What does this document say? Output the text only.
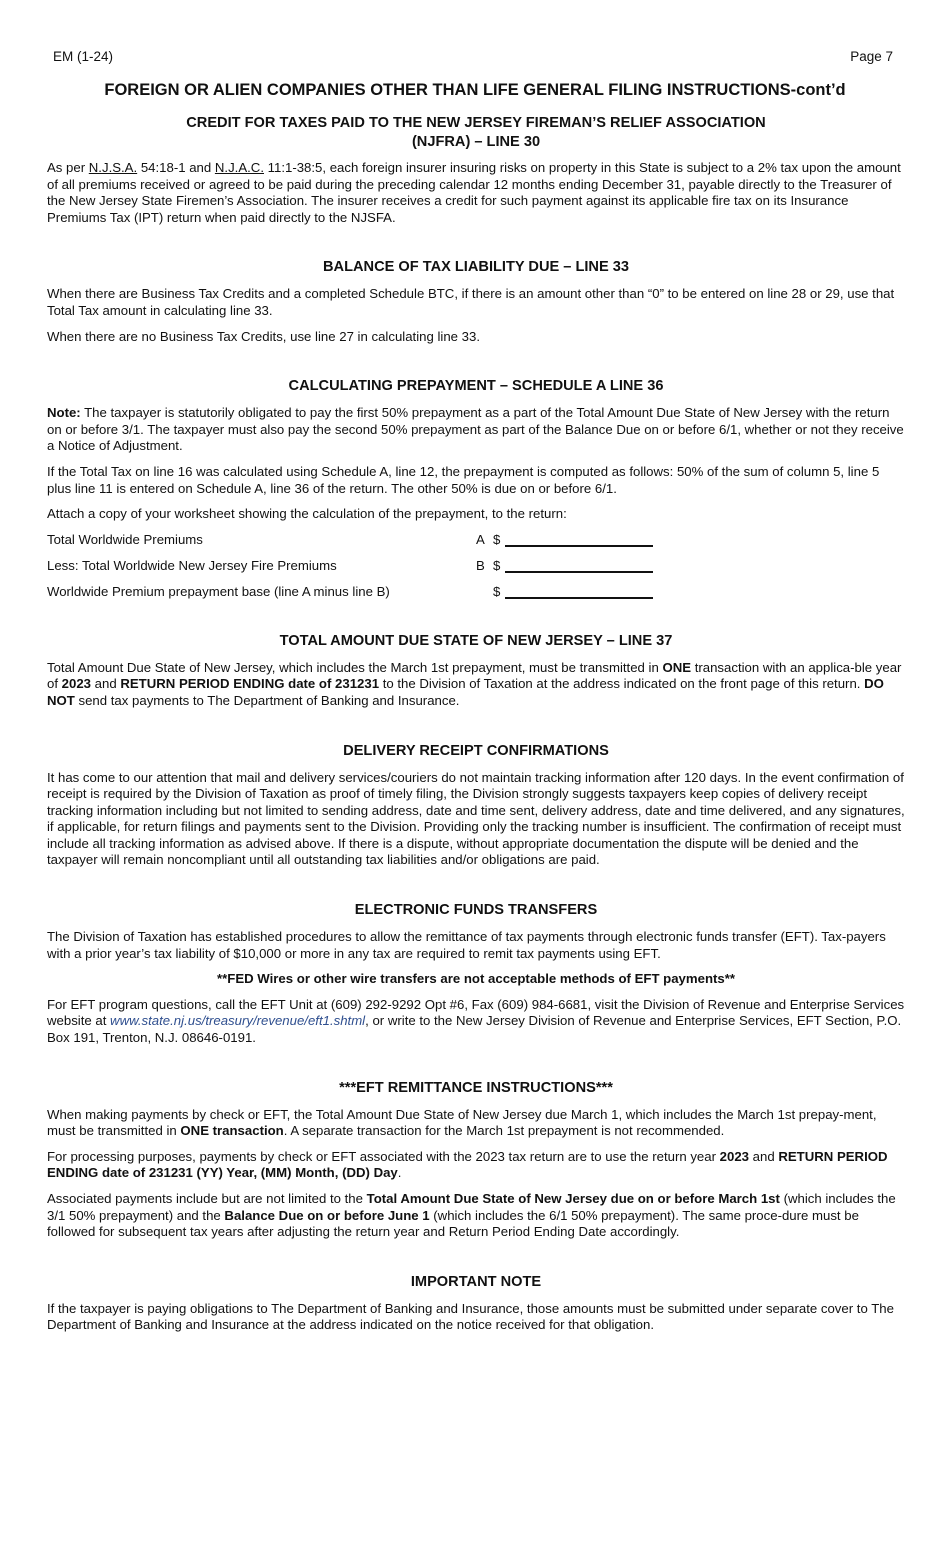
EM (1-24)	Page 7
FOREIGN OR ALIEN COMPANIES OTHER THAN LIFE GENERAL FILING INSTRUCTIONS-cont’d
CREDIT FOR TAXES PAID TO THE NEW JERSEY FIREMAN’S RELIEF ASSOCIATION
(NJFRA) – LINE 30

As per N.J.S.A. 54:18-1 and N.J.A.C. 11:1-38:5, each foreign insurer insuring risks on property in this State is subject to a 2% tax upon the amount of all premiums received or agreed to be paid during the preceding calendar 12 months ending December 31, payable directly to the Treasurer of the New Jersey State Firemen’s Association. The insurer receives a credit for such payment against its applicable fire tax on its Insurance Premiums Tax (IPT) return when paid directly to the NJSFA.

BALANCE OF TAX LIABILITY DUE – LINE 33

When there are Business Tax Credits and a completed Schedule BTC, if there is an amount other than “0” to be entered on line 28 or 29, use that Total Tax amount in calculating line 33.

When there are no Business Tax Credits, use line 27 in calculating line 33.

CALCULATING PREPAYMENT – SCHEDULE A LINE 36

Note: The taxpayer is statutorily obligated to pay the first 50% prepayment as a part of the Total Amount Due State of New Jersey with the return on or before 3/1. The taxpayer must also pay the second 50% prepayment as part of the Balance Due on or before 6/1, whether or not they receive a Notice of Adjustment.

If the Total Tax on line 16 was calculated using Schedule A, line 12, the prepayment is computed as follows: 50% of the sum of column 5, line 5 plus line 11 is entered on Schedule A, line 36 of the return. The other 50% is due on or before 6/1.

Attach a copy of your worksheet showing the calculation of the prepayment, to the return:

Total Worldwide Premiums	A $
Less: Total Worldwide New Jersey Fire Premiums	B $
Worldwide Premium prepayment base (line A minus line B)	$
TOTAL AMOUNT DUE STATE OF NEW JERSEY – LINE 37

Total Amount Due State of New Jersey, which includes the March 1st prepayment, must be transmitted in ONE transaction with an applica-ble year of 2023 and RETURN PERIOD ENDING date of 231231 to the Division of Taxation at the address indicated on the front page of this return. DO NOT send tax payments to The Department of Banking and Insurance.

DELIVERY RECEIPT CONFIRMATIONS

It has come to our attention that mail and delivery services/couriers do not maintain tracking information after 120 days. In the event confirmation of receipt is required by the Division of Taxation as proof of timely filing, the Division strongly suggests taxpayers keep copies of delivery receipt tracking information including but not limited to sending address, date and time sent, delivery address, date and time delivered, and any signatures, if applicable, for return filings and payments sent to the Division. Providing only the tracking number is insufficient. The confirmation of receipt must include all tracking information as advised above. If there is a dispute, without appropriate documentation the dispute will be denied and the taxpayer will remain noncompliant until all outstanding tax liabilities and/or obligations are paid.

ELECTRONIC FUNDS TRANSFERS

The Division of Taxation has established procedures to allow the remittance of tax payments through electronic funds transfer (EFT). Tax-payers with a prior year’s tax liability of $10,000 or more in any tax are required to remit tax payments using EFT.

**FED Wires or other wire transfers are not acceptable methods of EFT payments**

For EFT program questions, call the EFT Unit at (609) 292-9292 Opt #6, Fax (609) 984-6681, visit the Division of Revenue and Enterprise Services website at www.state.nj.us/treasury/revenue/eft1.shtml, or write to the New Jersey Division of Revenue and Enterprise Services, EFT Section, P.O. Box 191, Trenton, N.J. 08646-0191.

***EFT REMITTANCE INSTRUCTIONS***

When making payments by check or EFT, the Total Amount Due State of New Jersey due March 1, which includes the March 1st prepay-ment, must be transmitted in ONE transaction. A separate transaction for the March 1st prepayment is not recommended.

For processing purposes, payments by check or EFT associated with the 2023 tax return are to use the return year 2023 and RETURN PERIOD ENDING date of 231231 (YY) Year, (MM) Month, (DD) Day.

Associated payments include but are not limited to the Total Amount Due State of New Jersey due on or before March 1st (which includes the 3/1 50% prepayment) and the Balance Due on or before June 1 (which includes the 6/1 50% prepayment). The same proce-dure must be followed for subsequent tax years after adjusting the return year and Return Period Ending Date accordingly.

IMPORTANT NOTE

If the taxpayer is paying obligations to The Department of Banking and Insurance, those amounts must be submitted under separate cover to The Department of Banking and Insurance at the address indicated on the notice received for that obligation.
